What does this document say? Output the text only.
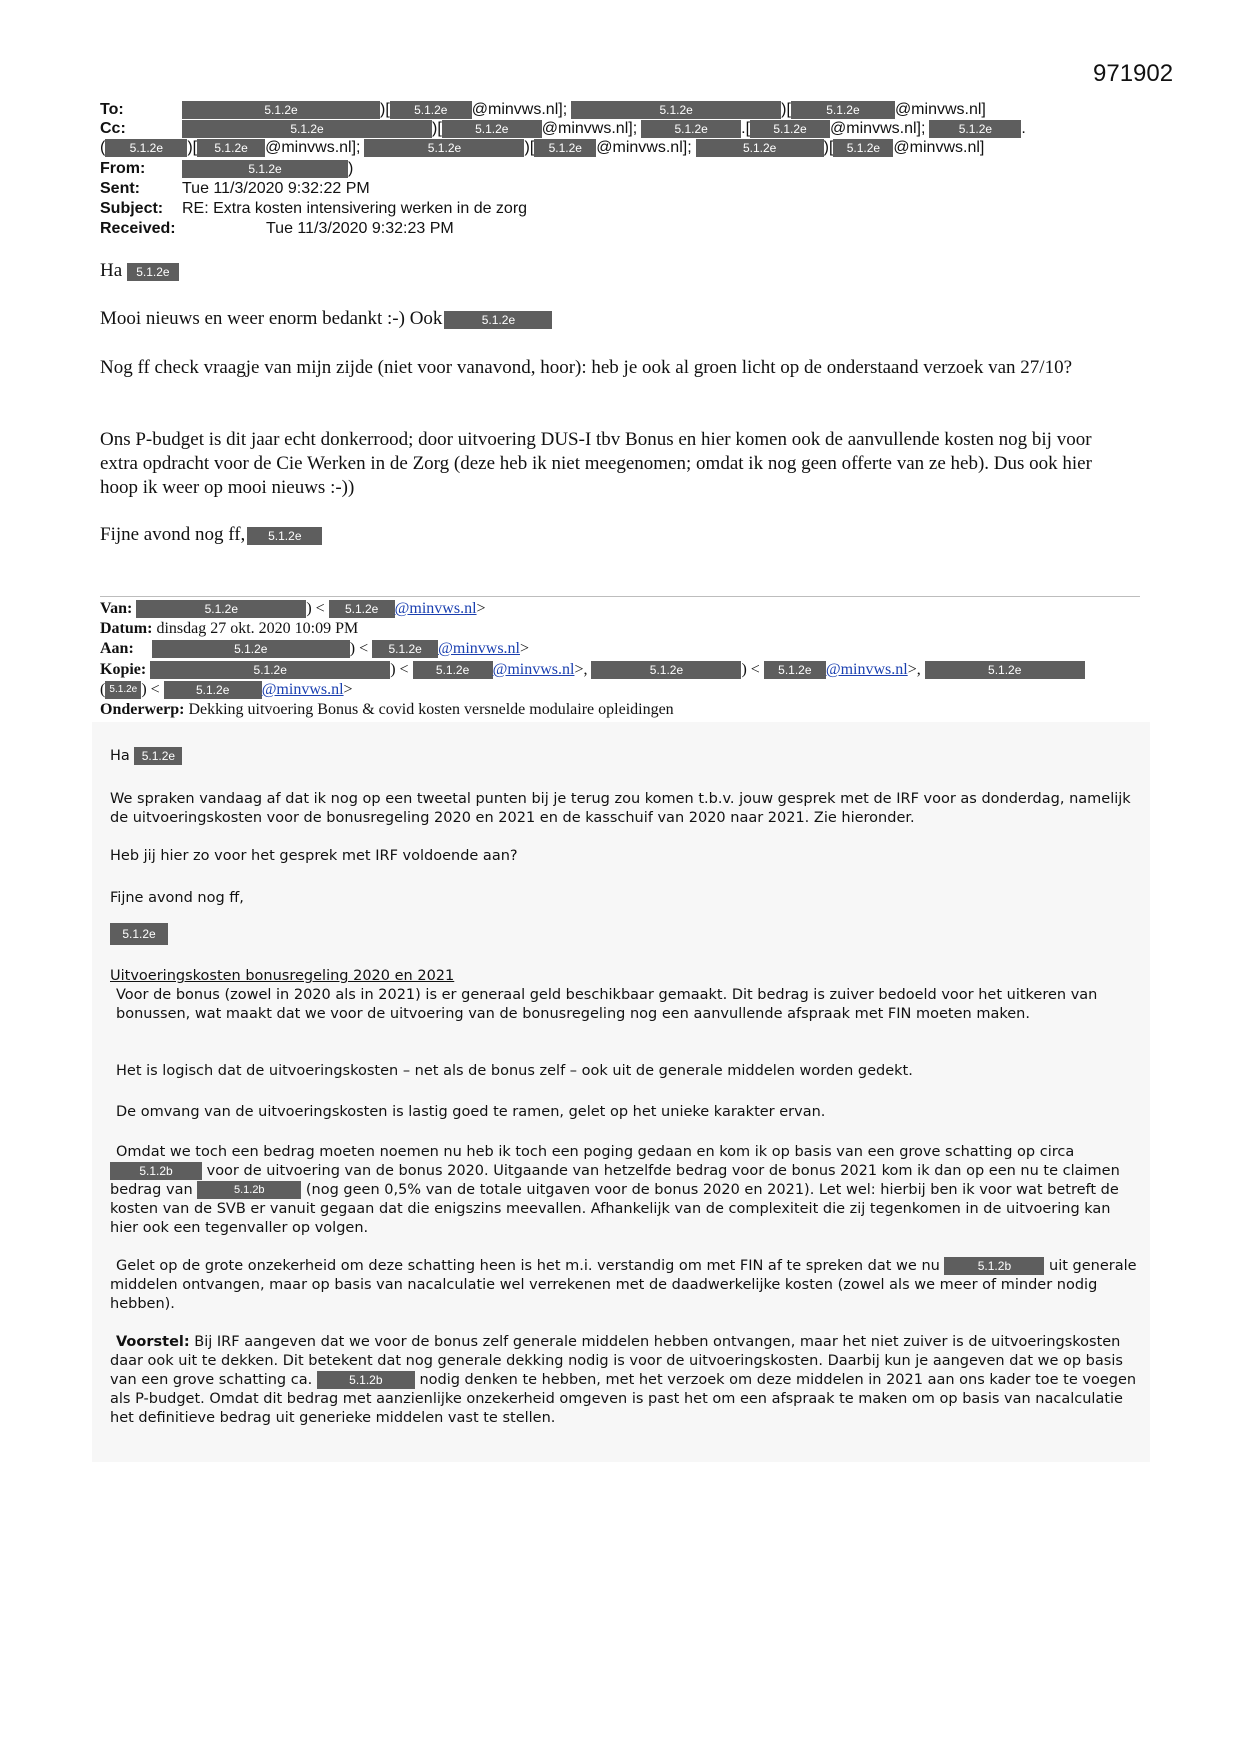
971902
To:	5.1.2e	)[ 5.1.2e @minvws.nl];	5.1.2e	)[	5.1.2e @minvws.nl]
Cc:	5.1.2e	)[	5.1.2e @minvws.nl];	5.1.2e .[ 5.1.2e @minvws.nl];	5.1.2e .
( 5.1.2e )[ 5.1.2e @minvws.nl];	5.1.2e	)[ 5.1.2e @minvws.nl];	5.1.2e	)[ 5.1.2e @minvws.nl]
From:	5.1.2e	)
Sent:	Tue 11/3/2020 9:32:22 PM
Subject: RE: Extra kosten intensivering werken in de zorg
Received:	Tue 11/3/2020 9:32:23 PM
Ha 5.1.2e
Mooi nieuws en weer enorm bedankt :-) Ook	5.1.2e
Nog ff check vraagje van mijn zijde (niet voor vanavond, hoor): heb je ook al groen licht op de onderstaand verzoek van 27/10?
Ons P-budget is dit jaar echt donkerrood; door uitvoering DUS-I tbv Bonus en hier komen ook de aanvullende kosten nog bij voor extra opdracht voor de Cie Werken in de Zorg (deze heb ik niet meegenomen; omdat ik nog geen offerte van ze heb). Dus ook hier hoop ik weer op mooi nieuws :-))
Fijne avond nog ff, 5.1.2e
Van:	5.1.2e	) < 5.1.2e @minvws.nl>
Datum: dinsdag 27 okt. 2020 10:09 PM
Aan:	5.1.2e	) < 5.1.2e @minvws.nl>
Kopie:	5.1.2e	) < 5.1.2e @minvws.nl>,	5.1.2e	) < 5.1.2e @minvws.nl>,	5.1.2e
( 5.1.2e ) <	5.1.2e @minvws.nl>
Onderwerp: Dekking uitvoering Bonus & covid kosten versnelde modulaire opleidingen
Ha 5.1.2e
We spraken vandaag af dat ik nog op een tweetal punten bij je terug zou komen t.b.v. jouw gesprek met de IRF voor as donderdag, namelijk de uitvoeringskosten voor de bonusregeling 2020 en 2021 en de kasschuif van 2020 naar 2021. Zie hieronder.
Heb jij hier zo voor het gesprek met IRF voldoende aan?
Fijne avond nog ff,
5.1.2e
Uitvoeringskosten bonusregeling 2020 en 2021
Voor de bonus (zowel in 2020 als in 2021) is er generaal geld beschikbaar gemaakt. Dit bedrag is zuiver bedoeld voor het uitkeren van bonussen, wat maakt dat we voor de uitvoering van de bonusregeling nog een aanvullende afspraak met FIN moeten maken.
Het is logisch dat de uitvoeringskosten – net als de bonus zelf – ook uit de generale middelen worden gedekt.
De omvang van de uitvoeringskosten is lastig goed te ramen, gelet op het unieke karakter ervan.
Omdat we toch een bedrag moeten noemen nu heb ik toch een poging gedaan en kom ik op basis van een grove schatting op circa 5.1.2b voor de uitvoering van de bonus 2020. Uitgaande van hetzelfde bedrag voor de bonus 2021 kom ik dan op een nu te claimen bedrag van	5.1.2b	(nog geen 0,5% van de totale uitgaven voor de bonus 2020 en 2021). Let wel: hierbij ben ik voor wat betreft de kosten van de SVB er vanuit gegaan dat die enigszins meevallen. Afhankelijk van de complexiteit die zij tegenkomen in de uitvoering kan hier ook een tegenvaller op volgen.
Gelet op de grote onzekerheid om deze schatting heen is het m.i. verstandig om met FIN af te spreken dat we nu	5.1.2b	uit generale middelen ontvangen, maar op basis van nacalculatie wel verrekenen met de daadwerkelijke kosten (zowel als we meer of minder nodig hebben).
Voorstel: Bij IRF aangeven dat we voor de bonus zelf generale middelen hebben ontvangen, maar het niet zuiver is de uitvoeringskosten daar ook uit te dekken. Dit betekent dat nog generale dekking nodig is voor de uitvoeringskosten. Daarbij kun je aangeven dat we op basis van een grove schatting ca.	5.1.2b	nodig denken te hebben, met het verzoek om deze middelen in 2021 aan ons kader toe te voegen als P-budget. Omdat dit bedrag met aanzienlijke onzekerheid omgeven is past het om een afspraak te maken om op basis van nacalculatie het definitieve bedrag uit generieke middelen vast te stellen.
